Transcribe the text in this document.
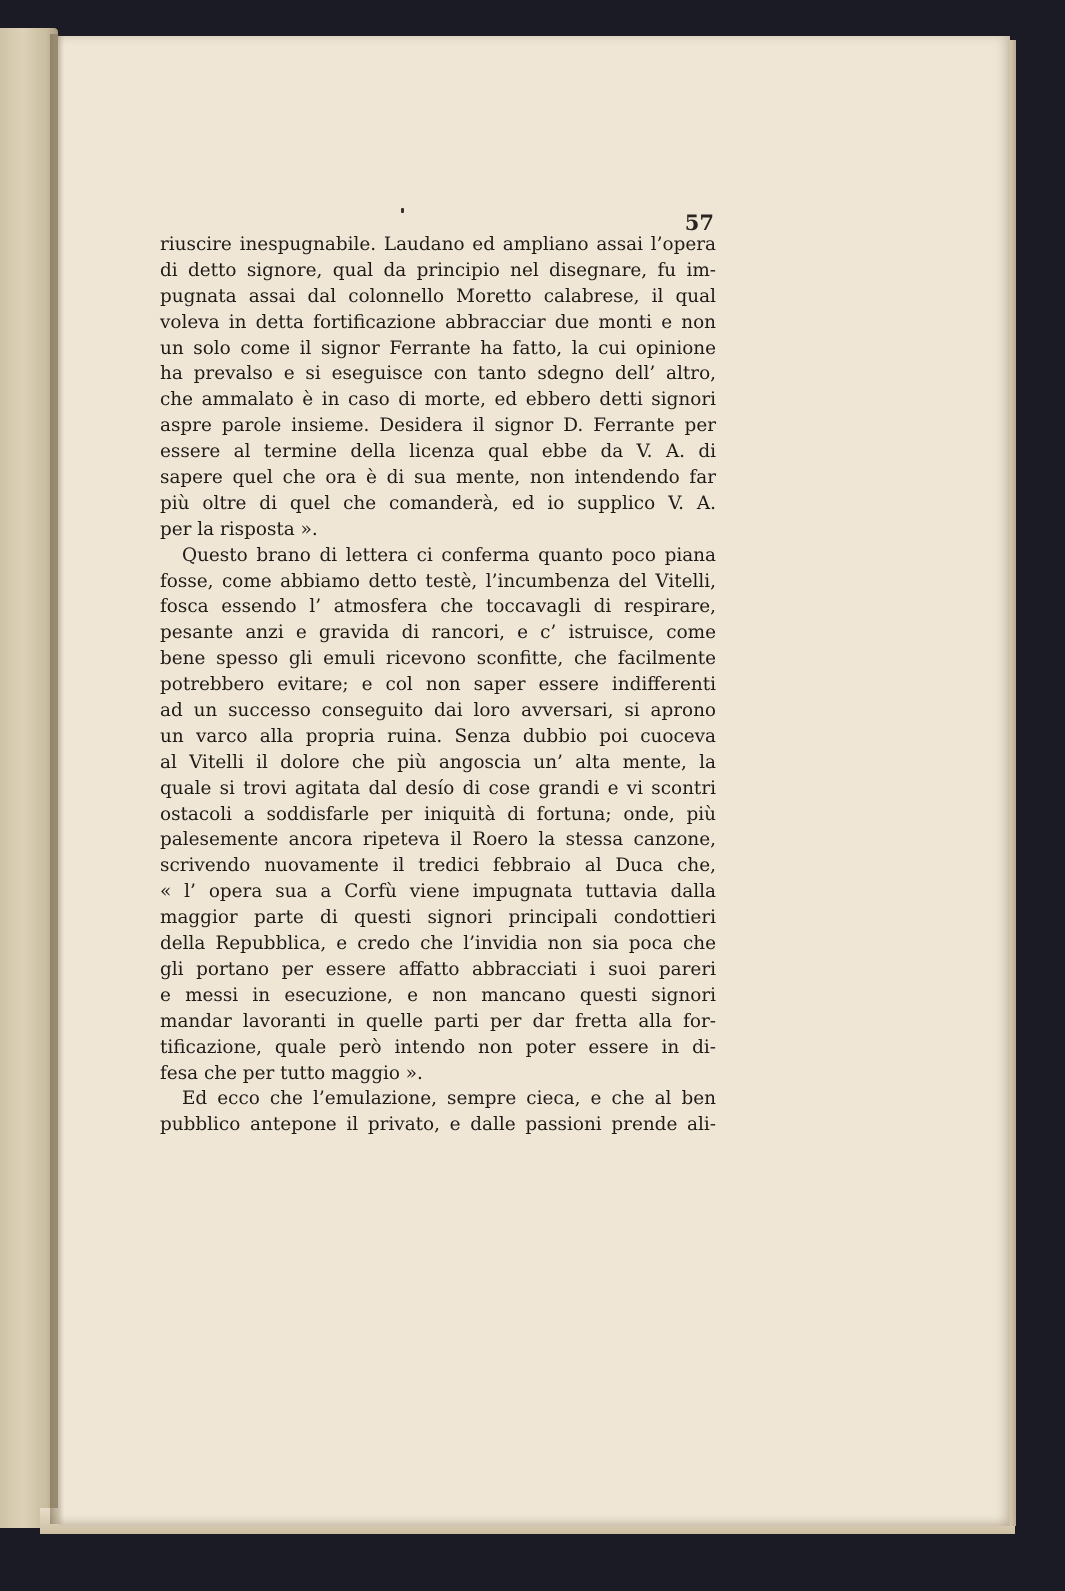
57
riuscire inespugnabile. Laudano ed ampliano assai l’opera
di detto signore, qual da principio nel disegnare, fu im-
pugnata assai dal colonnello Moretto calabrese, il qual
voleva in detta fortificazione abbracciar due monti e non
un solo come il signor Ferrante ha fatto, la cui opinione
ha prevalso e si eseguisce con tanto sdegno dell’ altro,
che ammalato è in caso di morte, ed ebbero detti signori
aspre parole insieme. Desidera il signor D. Ferrante per
essere al termine della licenza qual ebbe da V. A. di
sapere quel che ora è di sua mente, non intendendo far
più oltre di quel che comanderà, ed io supplico V. A.
per la risposta ».
Questo brano di lettera ci conferma quanto poco piana
fosse, come abbiamo detto testè, l’incumbenza del Vitelli,
fosca essendo l’ atmosfera che toccavagli di respirare,
pesante anzi e gravida di rancori, e c’ istruisce, come
bene spesso gli emuli ricevono sconfitte, che facilmente
potrebbero evitare; e col non saper essere indifferenti
ad un successo conseguito dai loro avversari, si aprono
un varco alla propria ruina. Senza dubbio poi cuoceva
al Vitelli il dolore che più angoscia un’ alta mente, la
quale si trovi agitata dal desío di cose grandi e vi scontri
ostacoli a soddisfarle per iniquità di fortuna; onde, più
palesemente ancora ripeteva il Roero la stessa canzone,
scrivendo nuovamente il tredici febbraio al Duca che,
« l’ opera sua a Corfù viene impugnata tuttavia dalla
maggior parte di questi signori principali condottieri
della Repubblica, e credo che l’invidia non sia poca che
gli portano per essere affatto abbracciati i suoi pareri
e messi in esecuzione, e non mancano questi signori
mandar lavoranti in quelle parti per dar fretta alla for-
tificazione, quale però intendo non poter essere in di-
fesa che per tutto maggio ».
Ed ecco che l’emulazione, sempre cieca, e che al ben
pubblico antepone il privato, e dalle passioni prende ali-
